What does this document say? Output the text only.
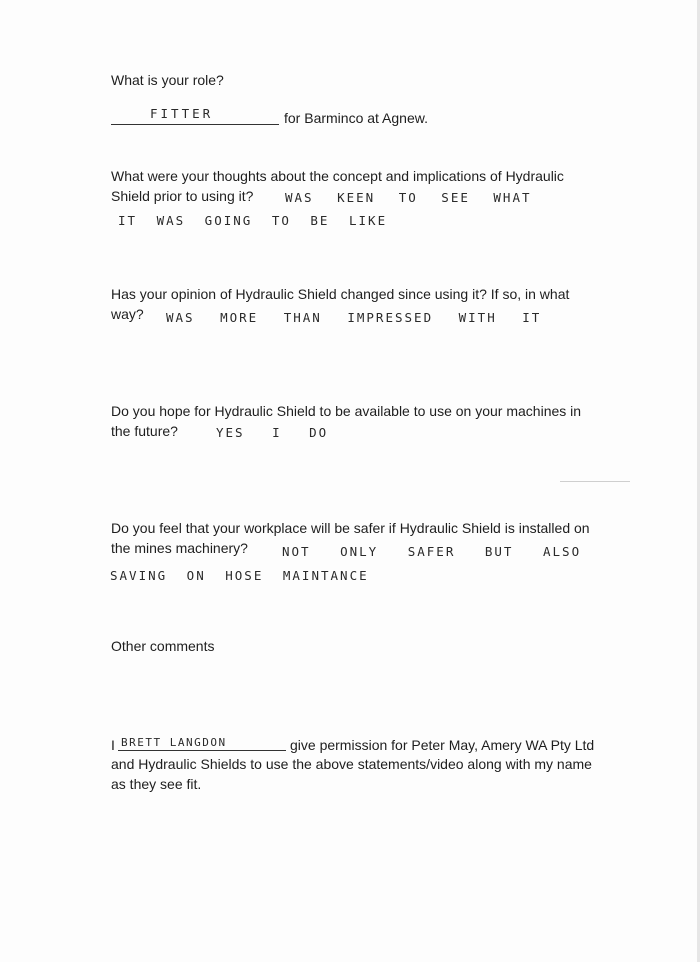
What is your role?
FITTER	for Barminco at Agnew.
What were your thoughts about the concept and implications of Hydraulic
Shield prior to using it?	WAS KEEN TO SEE WHAT
IT WAS GOING TO BE LIKE
Has your opinion of Hydraulic Shield changed since using it? If so, in what
way? WAS MORE THAN IMPRESSED WITH IT
Do you hope for Hydraulic Shield to be available to use on your machines in
the future?	YES I DO
Do you feel that your workplace will be safer if Hydraulic Shield is installed on
the mines machinery?	NOT ONLY SAFER BUT ALSO
SAVING ON HOSE MAINTANCE
Other comments
I BRETT LANGDON	give permission for Peter May, Amery WA Pty Ltd
and Hydraulic Shields to use the above statements/video along with my name
as they see fit.
